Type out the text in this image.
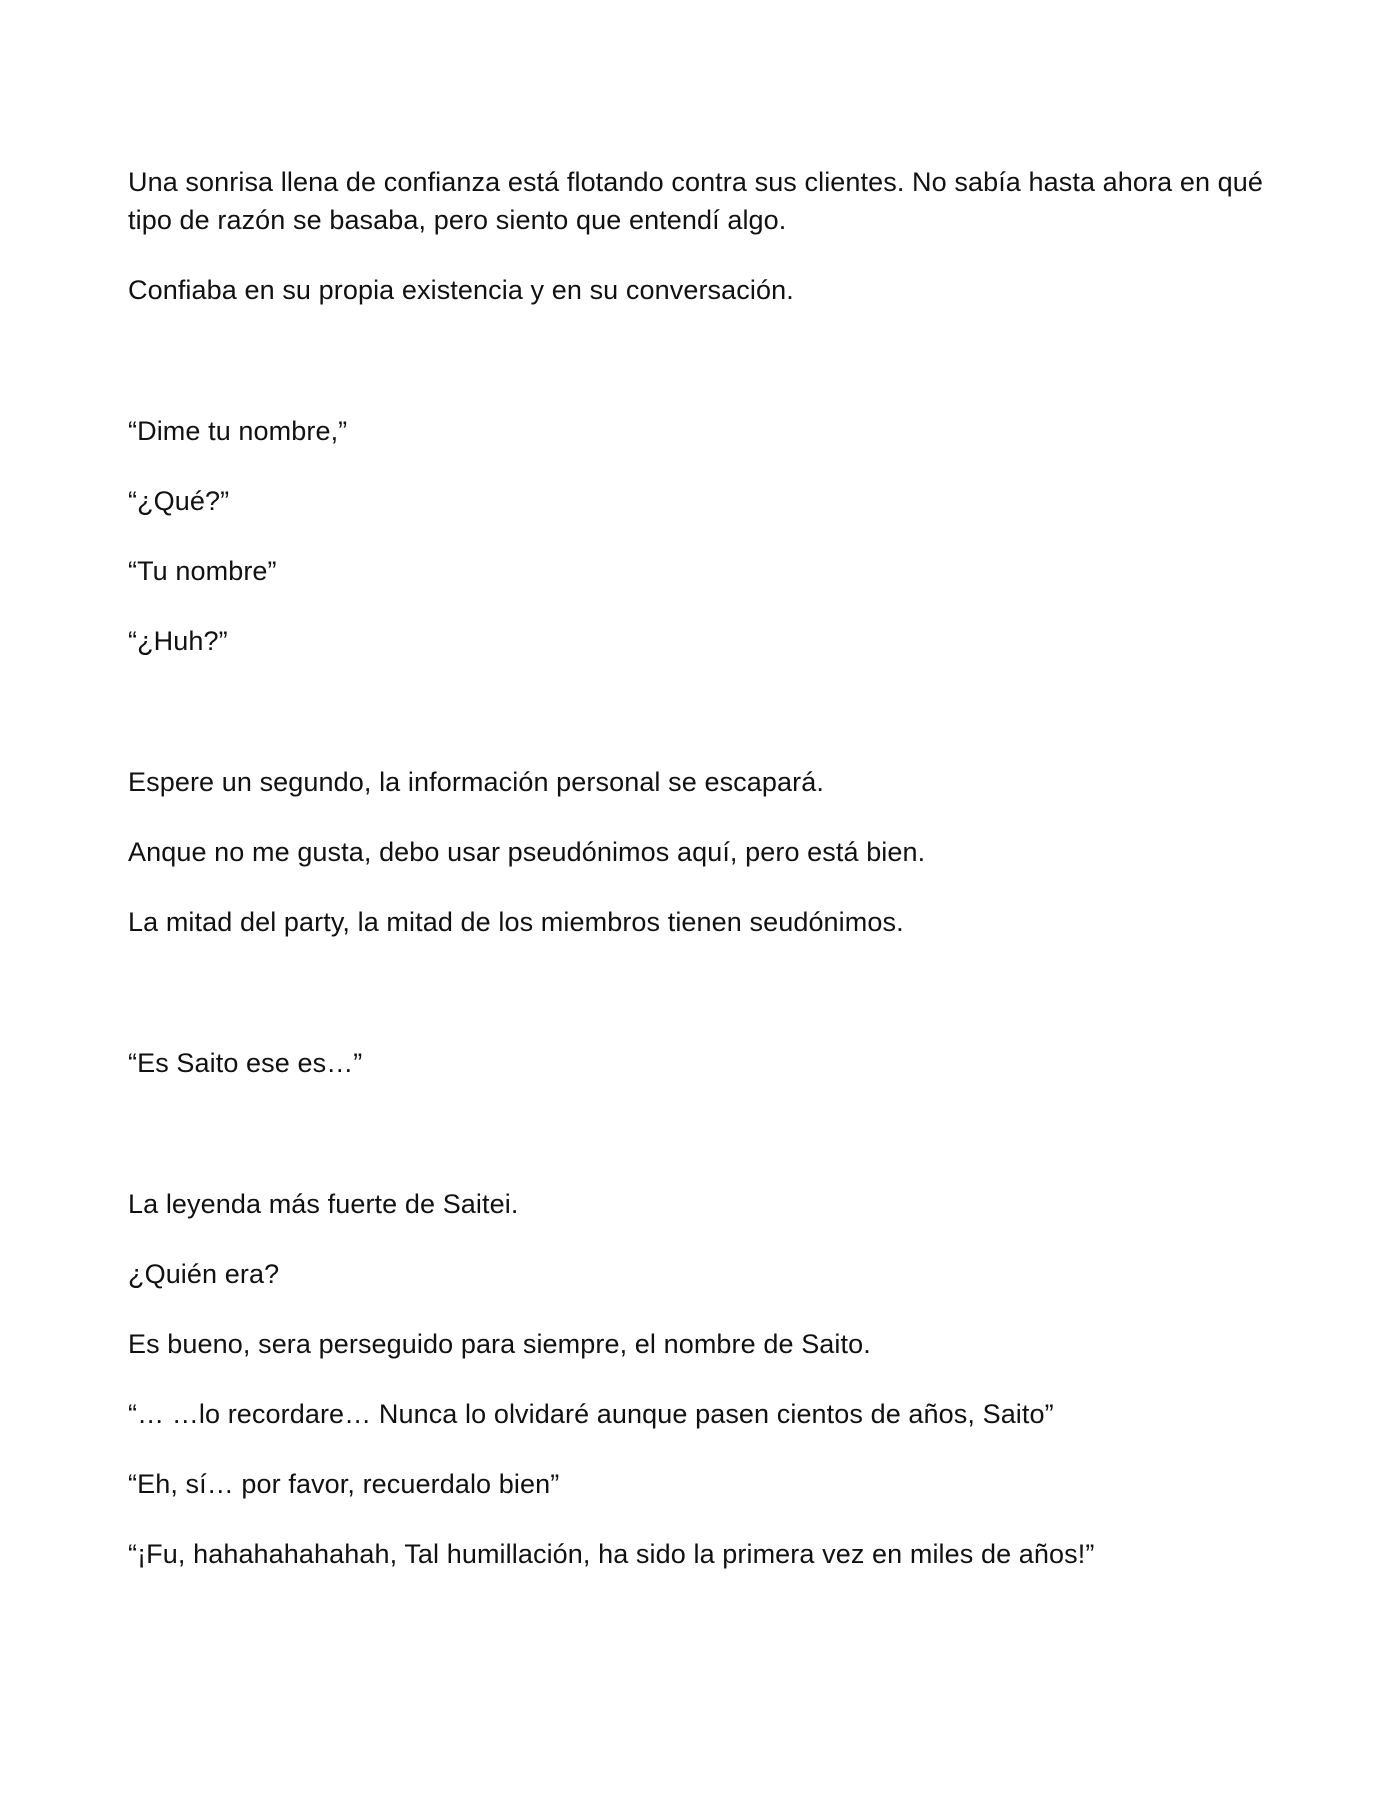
Una sonrisa llena de confianza está flotando contra sus clientes. No sabía hasta ahora en qué tipo de razón se basaba, pero siento que entendí algo.

Confiaba en su propia existencia y en su conversación.

“Dime tu nombre,”

“¿Qué?”

“Tu nombre”

“¿Huh?”

Espere un segundo, la información personal se escapará.

Anque no me gusta, debo usar pseudónimos aquí, pero está bien.

La mitad del party, la mitad de los miembros tienen seudónimos.

“Es Saito ese es…”

La leyenda más fuerte de Saitei.

¿Quién era?

Es bueno, sera perseguido para siempre, el nombre de Saito.

“… …lo recordare… Nunca lo olvidaré aunque pasen cientos de años, Saito”

“Eh, sí… por favor, recuerdalo bien”

“¡Fu, hahahahahahah, Tal humillación, ha sido la primera vez en miles de años!”
